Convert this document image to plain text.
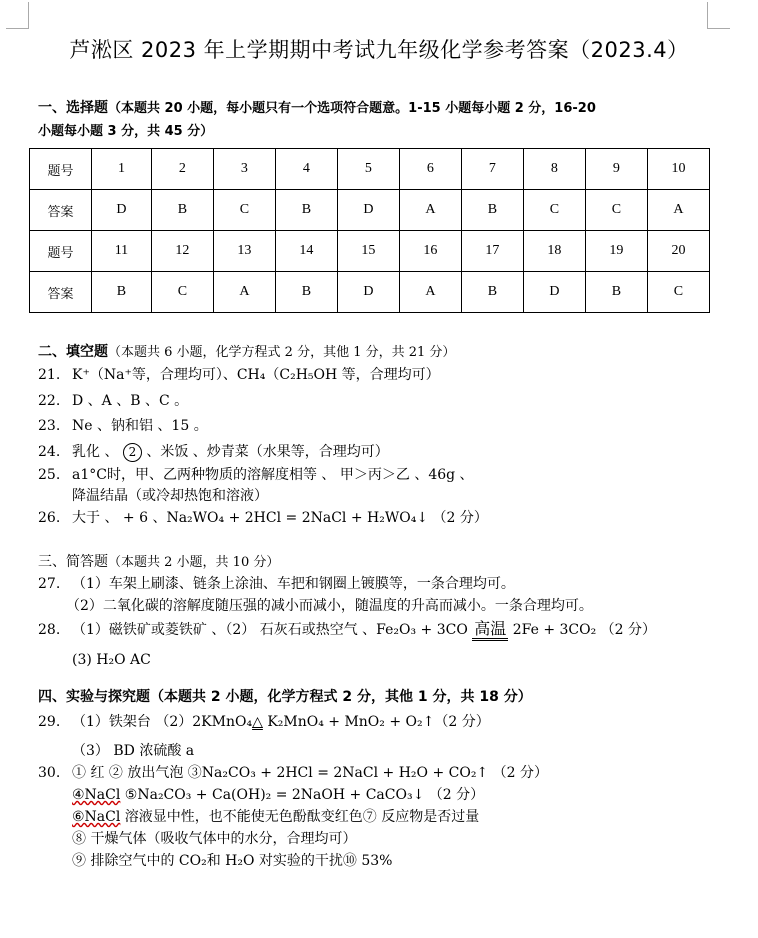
芦淞区 2023 年上学期期中考试九年级化学参考答案（2023.4）
一、选择题（本题共 20 小题，每小题只有一个选项符合题意。1-15 小题每小题 2 分，16-20
小题每小题 3 分，共 45 分）
题号	1	2	3	4	5	6	7	8	9	10
答案	D	B	C	B	D	A	B	C	C	A
题号	11	12	13	14	15	16	17	18	19	20
答案	B	C	A	B	D	A	B	D	B	C
二、填空题（本题共 6 小题，化学方程式 2 分，其他 1 分，共 21 分）
21. K⁺（Na⁺等，合理均可）、CH₄（C₂H₅OH 等，合理均可）
22. D 、A 、B 、C 。
23. Ne 、钠和铝 、15 。
24. 乳化 、 2 、米饭 、炒青菜（水果等，合理均可）
25. a1°C时，甲、乙两种物质的溶解度相等 、 甲＞丙＞乙 、46g 、
降温结晶（或冷却热饱和溶液）
26. 大于 、 + 6 、Na₂WO₄ + 2HCl = 2NaCl + H₂WO₄↓ （2 分）
三、简答题（本题共 2 小题，共 10 分）
27. （1）车架上刷漆、链条上涂油、车把和钢圈上镀膜等，一条合理均可。
（2）二氧化碳的溶解度随压强的减小而减小，随温度的升高而减小。一条合理均可。
28. （1）磁铁矿或菱铁矿 、（2） 石灰石或热空气 、Fe₂O₃ + 3CO 高温 2Fe + 3CO₂ （2 分）
(3) H₂O AC
四、实验与探究题（本题共 2 小题，化学方程式 2 分，其他 1 分，共 18 分）
29. （1）铁架台 （2）2KMnO₄△ K₂MnO₄ + MnO₂ + O₂↑（2 分）
（3） BD 浓硫酸 a
30. ① 红 ② 放出气泡 ③Na₂CO₃ + 2HCl = 2NaCl + H₂O + CO₂↑ （2 分）
④NaCl ⑤Na₂CO₃ + Ca(OH)₂ = 2NaOH + CaCO₃↓ （2 分）
⑥NaCl 溶液显中性，也不能使无色酚酞变红色⑦ 反应物是否过量
⑧ 干燥气体（吸收气体中的水分，合理均可）
⑨ 排除空气中的 CO₂和 H₂O 对实验的干扰⑩ 53%
